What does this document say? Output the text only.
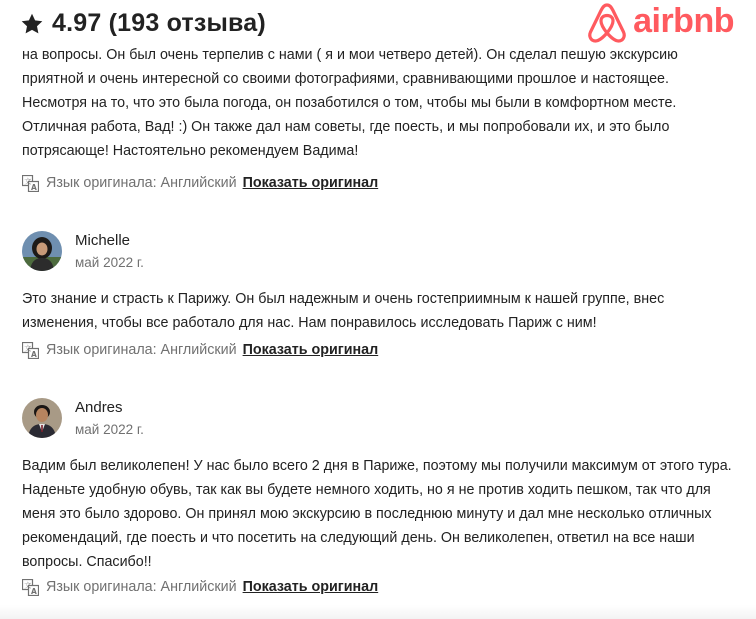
4.97 (193 отзыва)	airbnb
на вопросы. Он был очень терпелив с нами ( я и мои четверо детей). Он сделал пешую экскурсию
приятной и очень интересной со своими фотографиями, сравнивающими прошлое и настоящее.
Несмотря на то, что это была погода, он позаботился о том, чтобы мы были в комфортном месте.
Отличная работа, Вад! :) Он также дал нам советы, где поесть, и мы попробовали их, и это было
потрясающе! Настоятельно рекомендуем Вадима!
文
A Язык оригинала: Английский Показать оригинал
Michelle
май 2022 г.
Это знание и страсть к Парижу. Он был надежным и очень гостеприимным к нашей группе, внес
изменения, чтобы все работало для нас. Нам понравилось исследовать Париж с ним!
文
A Язык оригинала: Английский Показать оригинал
Andres
май 2022 г.
Вадим был великолепен! У нас было всего 2 дня в Париже, поэтому мы получили максимум от этого тура.
Наденьте удобную обувь, так как вы будете немного ходить, но я не против ходить пешком, так что для
меня это было здорово. Он принял мою экскурсию в последнюю минуту и дал мне несколько отличных
рекомендаций, где поесть и что посетить на следующий день. Он великолепен, ответил на все наши
вопросы. Спасибо!!
文
A Язык оригинала: Английский Показать оригинал
